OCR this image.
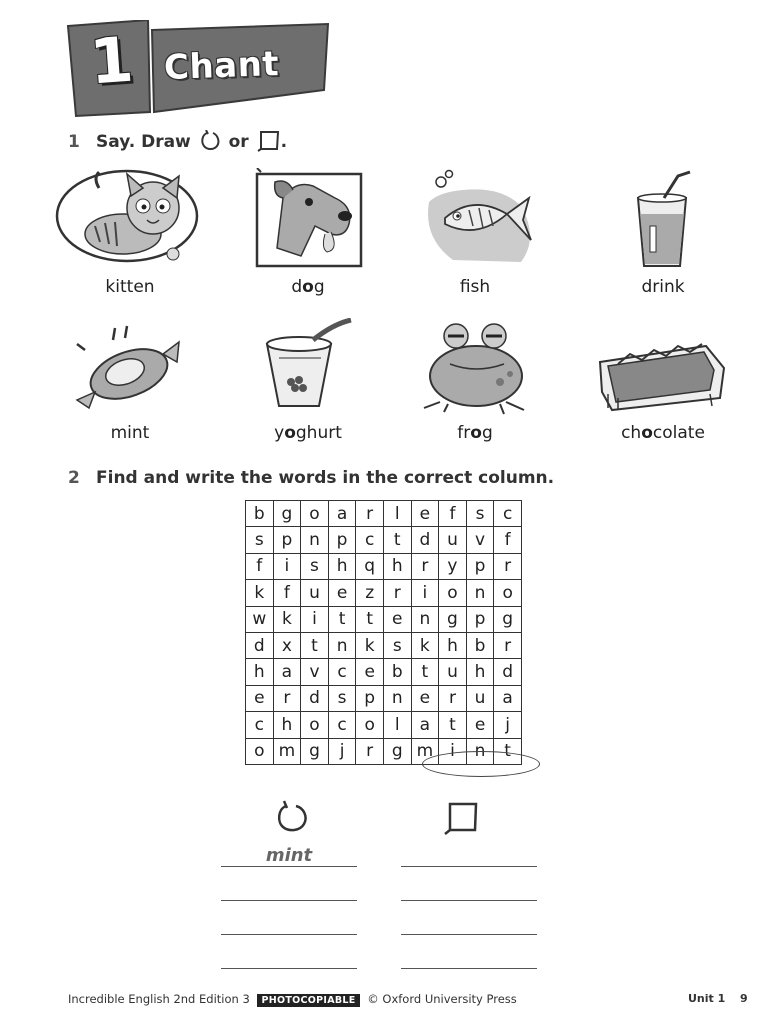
1 Chant
1 Say. Draw or .
kitten	dog	fish	drink
mint	yoghurt	frog	chocolate
2 Find and write the words in the correct column.
b	g	o	a	r	l	e	f	s	c
s	p	n	p	c	t	d	u	v	f
f	i	s	h	q	h	r	y	p	r
k	f	u	e	z	r	i	o	n	o
w	k	i	t	t	e	n	g	p	g
d	x	t	n	k	s	k	h	b	r
h	a	v	c	e	b	t	u	h	d
e	r	d	s	p	n	e	r	u	a
c	h	o	c	o	l	a	t	e	j
o	m	g	j	r	g	m	i	n	t
mint
Incredible English 2nd Edition 3 PHOTOCOPIABLE © Oxford University Press	Unit 1 9
